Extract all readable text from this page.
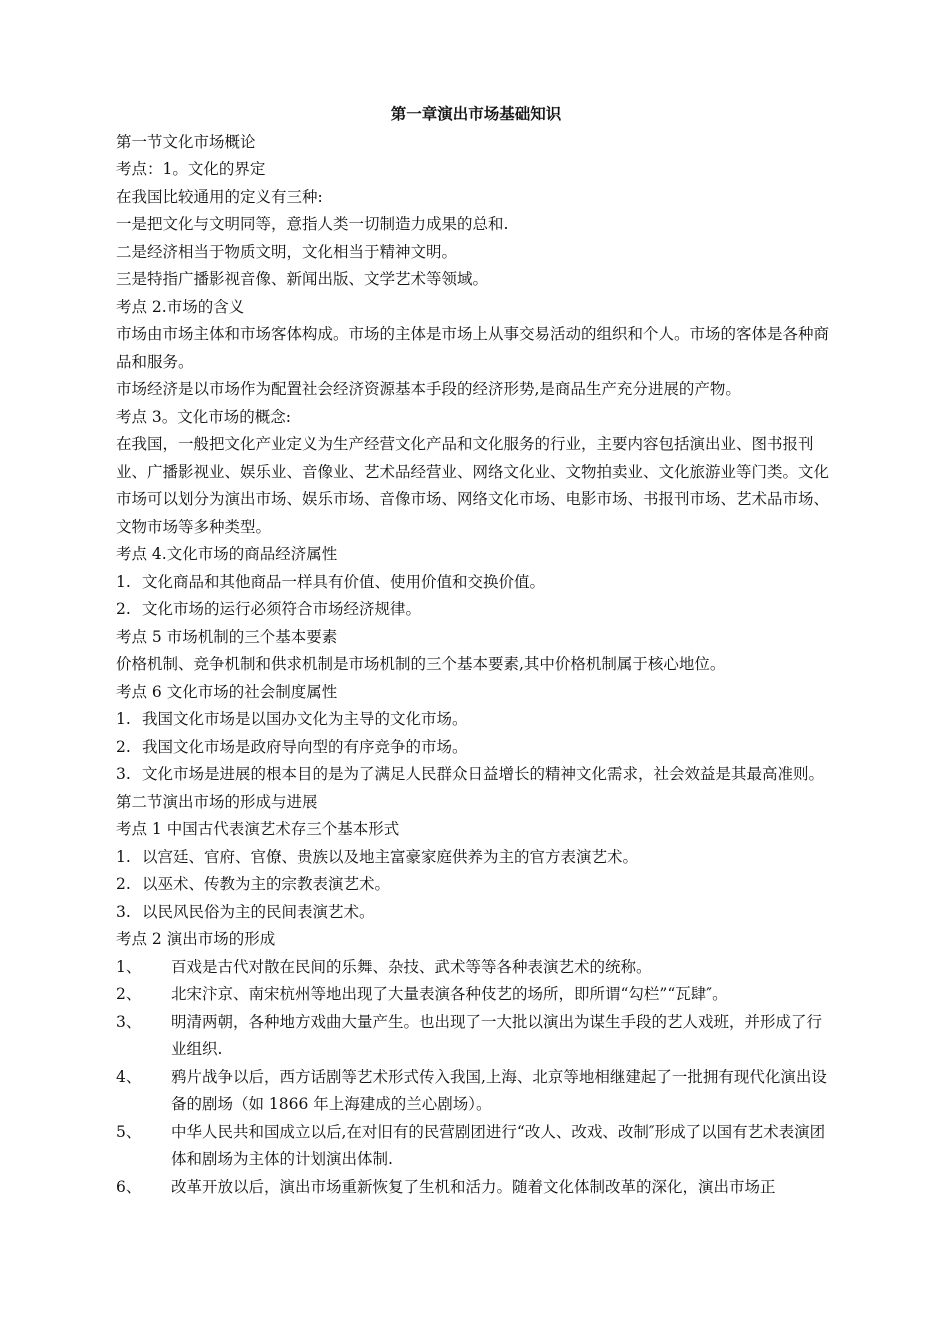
第一章演出市场基础知识
第一节文化市场概论
考点：1。文化的界定
在我国比较通用的定义有三种:
一是把文化与文明同等，意指人类一切制造力成果的总和.
二是经济相当于物质文明，文化相当于精神文明。
三是特指广播影视音像、新闻出版、文学艺术等领域。
考点 2.市场的含义
市场由市场主体和市场客体构成。市场的主体是市场上从事交易活动的组织和个人。市场的客体是各种商品和服务。
市场经济是以市场作为配置社会经济资源基本手段的经济形势,是商品生产充分进展的产物。
考点 3。文化市场的概念:
在我国，一般把文化产业定义为生产经营文化产品和文化服务的行业，主要内容包括演出业、图书报刊业、广播影视业、娱乐业、音像业、艺术品经营业、网络文化业、文物拍卖业、文化旅游业等门类。文化市场可以划分为演出市场、娱乐市场、音像市场、网络文化市场、电影市场、书报刊市场、艺术品市场、文物市场等多种类型。
考点 4.文化市场的商品经济属性
1. 文化商品和其他商品一样具有价值、使用价值和交换价值。
2. 文化市场的运行必须符合市场经济规律。
考点 5 市场机制的三个基本要素
价格机制、竞争机制和供求机制是市场机制的三个基本要素,其中价格机制属于核心地位。
考点 6 文化市场的社会制度属性
1. 我国文化市场是以国办文化为主导的文化市场。
2. 我国文化市场是政府导向型的有序竞争的市场。
3. 文化市场是进展的根本目的是为了满足人民群众日益增长的精神文化需求，社会效益是其最高准则。
第二节演出市场的形成与进展
考点 1 中国古代表演艺术存三个基本形式
1. 以宫廷、官府、官僚、贵族以及地主富豪家庭供养为主的官方表演艺术。
2. 以巫术、传教为主的宗教表演艺术。
3. 以民风民俗为主的民间表演艺术。
考点 2 演出市场的形成
1、 百戏是古代对散在民间的乐舞、杂技、武术等等各种表演艺术的统称。
2、 北宋汴京、南宋杭州等地出现了大量表演各种伎艺的场所，即所谓“勾栏”“瓦肆″。
3、 明清两朝，各种地方戏曲大量产生。也出现了一大批以演出为谋生手段的艺人戏班，并形成了行业组织.
4、 鸦片战争以后，西方话剧等艺术形式传入我国,上海、北京等地相继建起了一批拥有现代化演出设备的剧场（如 1866 年上海建成的兰心剧场）。
5、 中华人民共和国成立以后,在对旧有的民营剧团进行“改人、改戏、改制″形成了以国有艺术表演团体和剧场为主体的计划演出体制.
6、 改革开放以后，演出市场重新恢复了生机和活力。随着文化体制改革的深化，演出市场正
